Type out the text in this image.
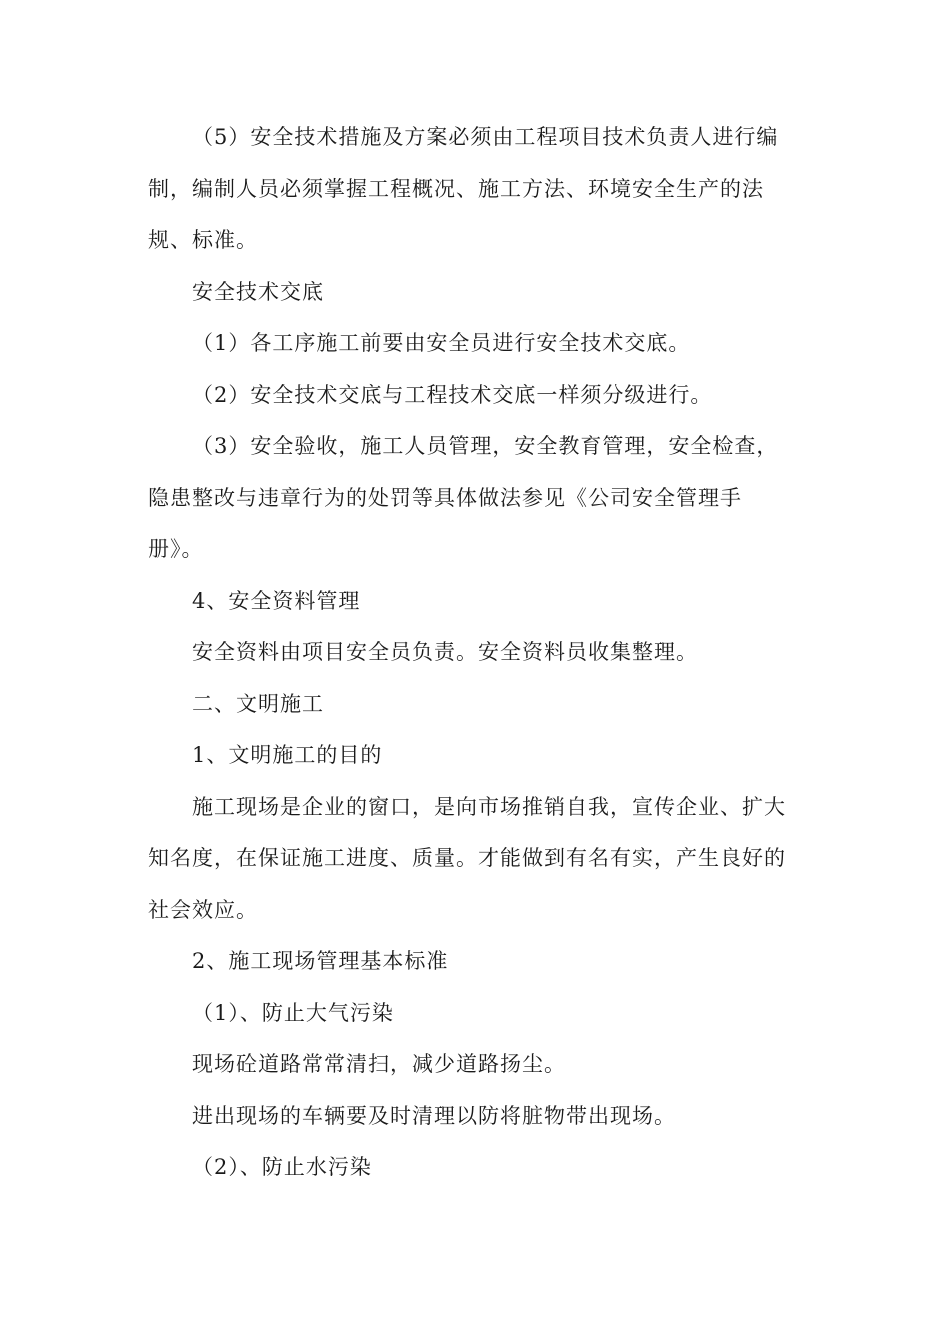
（5）安全技术措施及方案必须由工程项目技术负责人进行编
制，编制人员必须掌握工程概况、施工方法、环境安全生产的法
规、标准。
安全技术交底
（1）各工序施工前要由安全员进行安全技术交底。
（2）安全技术交底与工程技术交底一样须分级进行。
（3）安全验收，施工人员管理，安全教育管理，安全检查，
隐患整改与违章行为的处罚等具体做法参见《公司安全管理手
册》。
4、安全资料管理
安全资料由项目安全员负责。安全资料员收集整理。
二、文明施工
1、文明施工的目的
施工现场是企业的窗口，是向市场推销自我，宣传企业、扩大
知名度，在保证施工进度、质量。才能做到有名有实，产生良好的
社会效应。
2、施工现场管理基本标准
（1）、防止大气污染
现场砼道路常常清扫，减少道路扬尘。
进出现场的车辆要及时清理以防将脏物带出现场。
（2）、防止水污染
